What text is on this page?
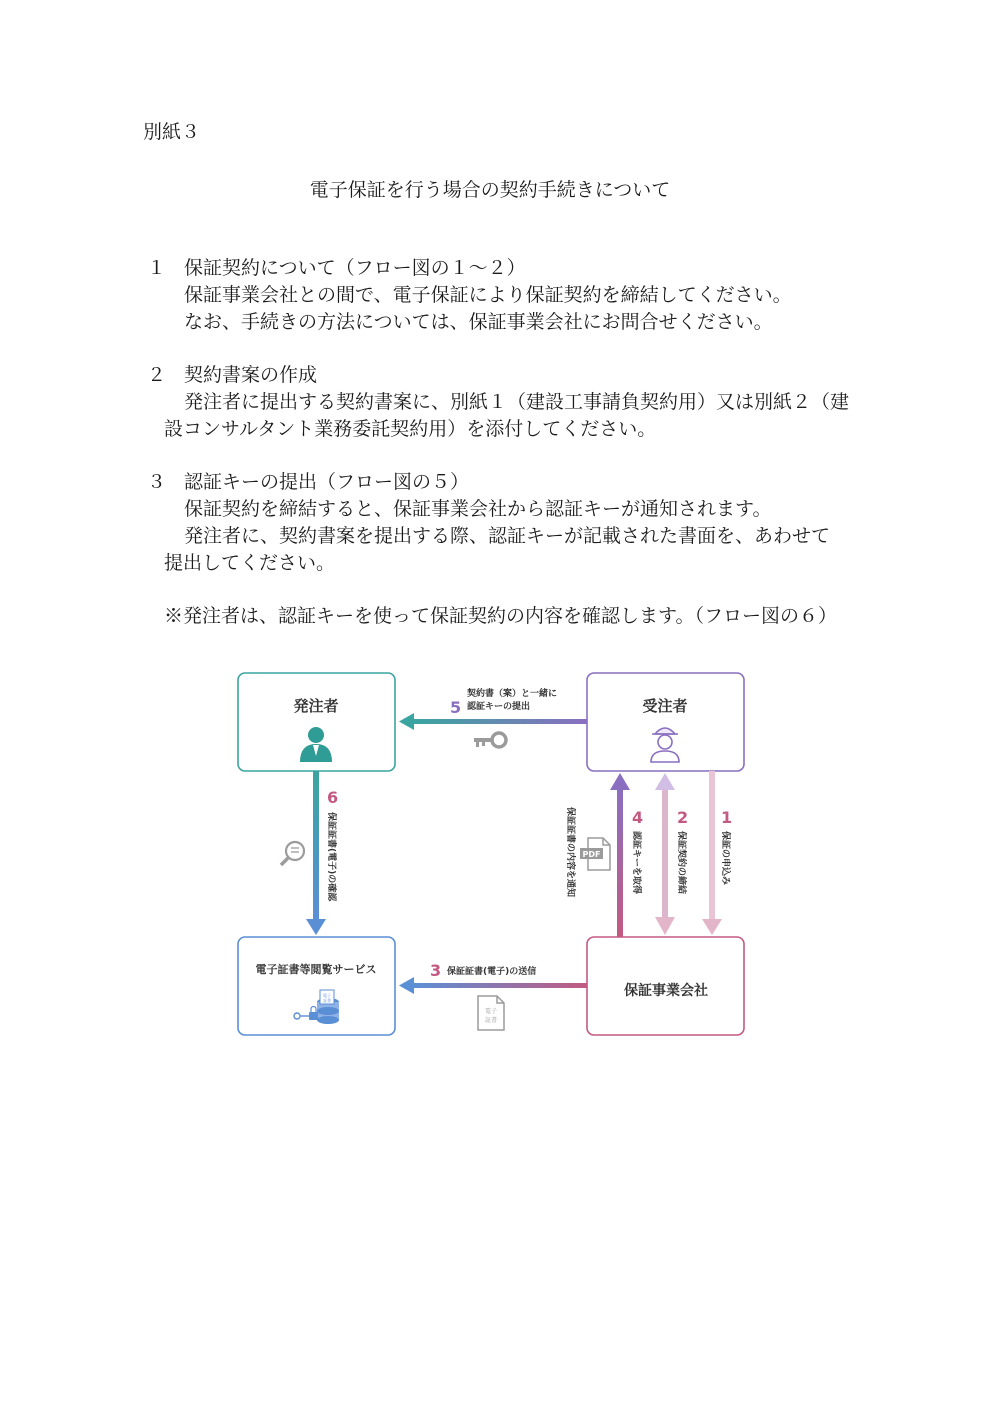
別紙３
電子保証を行う場合の契約手続きについて
１ 保証契約について（フロー図の１～２）
保証事業会社との間で、電子保証により保証契約を締結してください。
なお、手続きの方法については、保証事業会社にお問合せください。
２ 契約書案の作成
発注者に提出する契約書案に、別紙１（建設工事請負契約用）又は別紙２（建
設コンサルタント業務委託契約用）を添付してください。
３ 認証キーの提出（フロー図の５）
保証契約を締結すると、保証事業会社から認証キーが通知されます。
発注者に、契約書案を提出する際、認証キーが記載された書面を、あわせて
提出してください。
※発注者は、認証キーを使って保証契約の内容を確認します。（フロー図の６）
発注者	受注者
電子証書等閲覧サービス
電子
証書
保証事業会社
5
契約書（案）と一緒に
認証キーの提出
6
保証証書(電子)の確認
3 保証証書(電子)の送信
電子
証書
4
認証キーを取得
保証証書の内容を通知 PDF
2
保証契約の締結
1
保証の申込み
